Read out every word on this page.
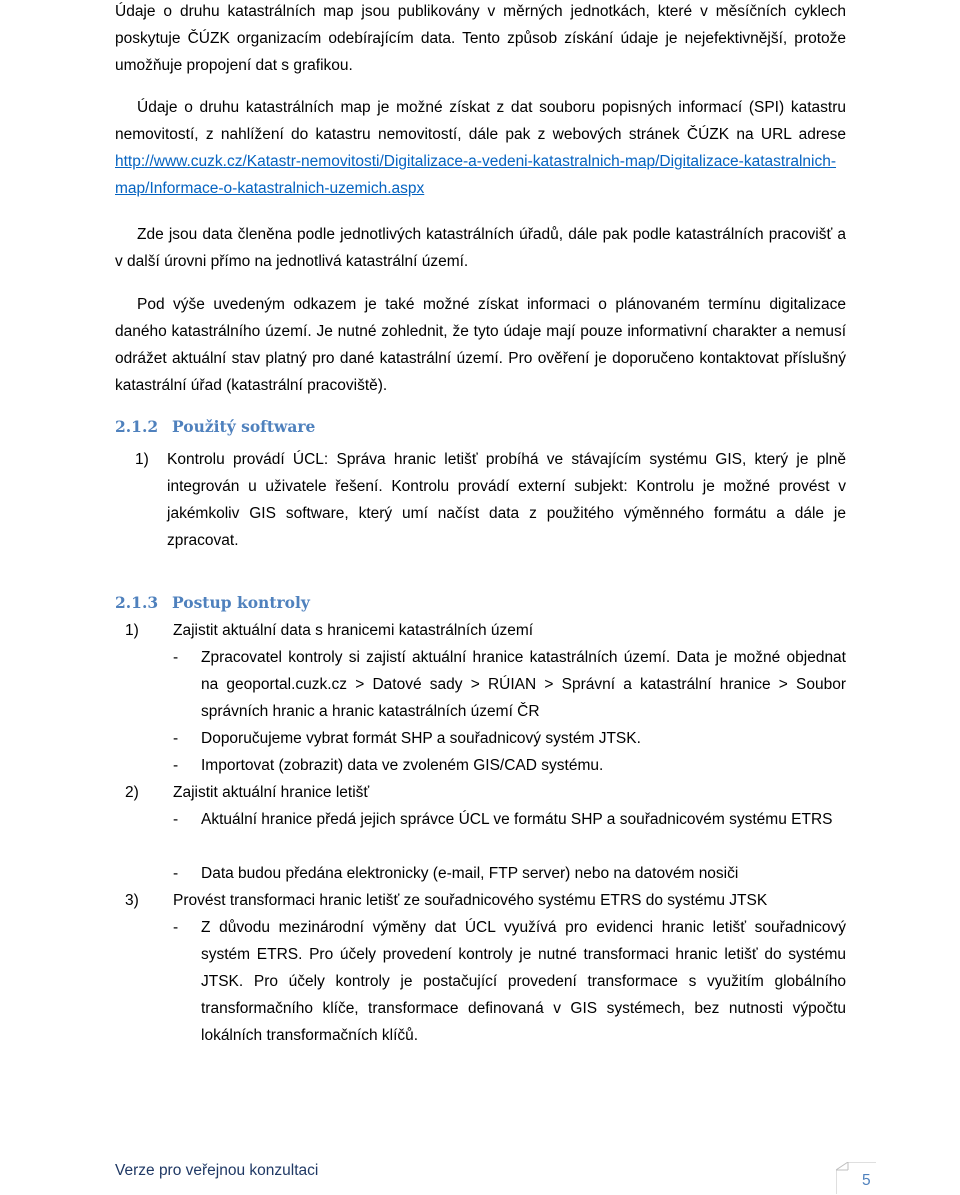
Údaje o druhu katastrálních map jsou publikovány v měrných jednotkách, které v měsíčních cyklech poskytuje ČÚZK organizacím odebírajícím data. Tento způsob získání údaje je nejefektivnější, protože umožňuje propojení dat s grafikou.

Údaje o druhu katastrálních map je možné získat z dat souboru popisných informací (SPI) katastru nemovitostí, z nahlížení do katastru nemovitostí, dále pak z webových stránek ČÚZK na URL adrese http://www.cuzk.cz/Katastr-nemovitosti/Digitalizace-a-vedeni-katastralnich-map/Digitalizace-katastralnich-map/Informace-o-katastralnich-uzemich.aspx

Zde jsou data členěna podle jednotlivých katastrálních úřadů, dále pak podle katastrálních pracovišť a v další úrovni přímo na jednotlivá katastrální území.

Pod výše uvedeným odkazem je také možné získat informaci o plánovaném termínu digitalizace daného katastrálního území. Je nutné zohlednit, že tyto údaje mají pouze informativní charakter a nemusí odrážet aktuální stav platný pro dané katastrální území. Pro ověření je doporučeno kontaktovat příslušný katastrální úřad (katastrální pracoviště).

2.1.2 Použitý software
1) Kontrolu provádí ÚCL: Správa hranic letišť probíhá ve stávajícím systému GIS, který je plně integrován u uživatele řešení. Kontrolu provádí externí subjekt: Kontrolu je možné provést v jakémkoliv GIS software, který umí načíst data z použitého výměnného formátu a dále je zpracovat.

2.1.3 Postup kontroly
1) Zajistit aktuální data s hranicemi katastrálních území

- Zpracovatel kontroly si zajistí aktuální hranice katastrálních území. Data je možné objednat na geoportal.cuzk.cz > Datové sady > RÚIAN > Správní a katastrální hranice > Soubor správních hranic a hranic katastrálních území ČR

- Doporučujeme vybrat formát SHP a souřadnicový systém JTSK.

- Importovat (zobrazit) data ve zvoleném GIS/CAD systému.

2) Zajistit aktuální hranice letišť

- Aktuální hranice předá jejich správce ÚCL ve formátu SHP a souřadnicovém systému ETRS

- Data budou předána elektronicky (e-mail, FTP server) nebo na datovém nosiči

3) Provést transformaci hranic letišť ze souřadnicového systému ETRS do systému JTSK

- Z důvodu mezinárodní výměny dat ÚCL využívá pro evidenci hranic letišť souřadnicový systém ETRS. Pro účely provedení kontroly je nutné transformaci hranic letišť do systému JTSK. Pro účely kontroly je postačující provedení transformace s využitím globálního transformačního klíče, transformace definovaná v GIS systémech, bez nutnosti výpočtu lokálních transformačních klíčů.

Verze pro veřejnou konzultaci
5
